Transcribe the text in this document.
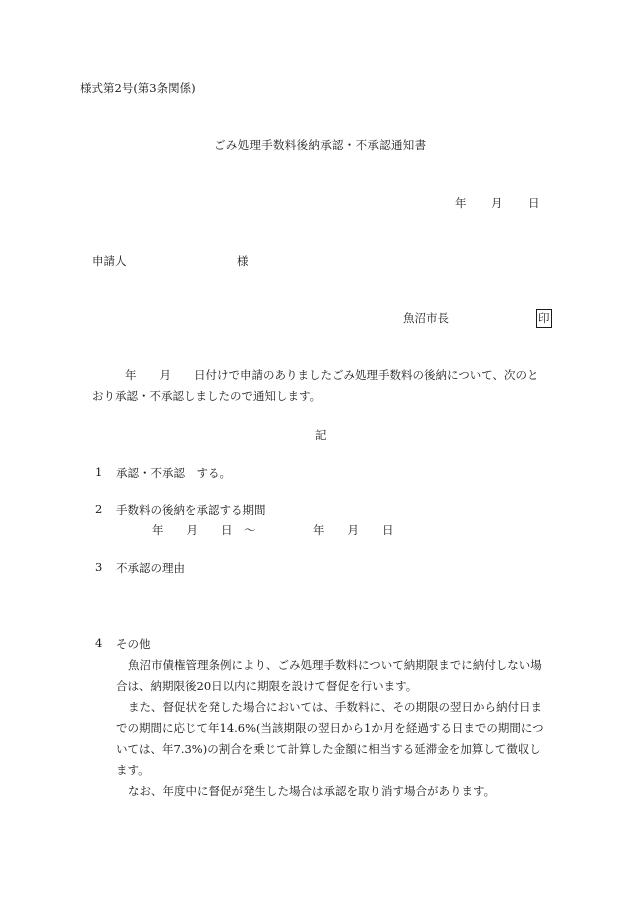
様式第2号(第3条関係)
ごみ処理手数料後納承認・不承認通知書
年 月 日
申請人	様
魚沼市長	印
年　　月　　日付けで申請のありましたごみ処理手数料の後納について、次のと
おり承認・不承認しましたので通知します。
記
1 承認・不承認　する。
2 手数料の後納を承認する期間
年　　月　　日　～　　　　　年　　月　　日
3 不承認の理由
4 その他
魚沼市債権管理条例により、ごみ処理手数料について納期限までに納付しない場
合は、納期限後20日以内に期限を設けて督促を行います。
また、督促状を発した場合においては、手数料に、その期限の翌日から納付日ま
での期間に応じて年14.6%(当該期限の翌日から1か月を経過する日までの期間につ
いては、年7.3%)の割合を乗じて計算した金額に相当する延滞金を加算して徴収し
ます。
なお、年度中に督促が発生した場合は承認を取り消す場合があります。
